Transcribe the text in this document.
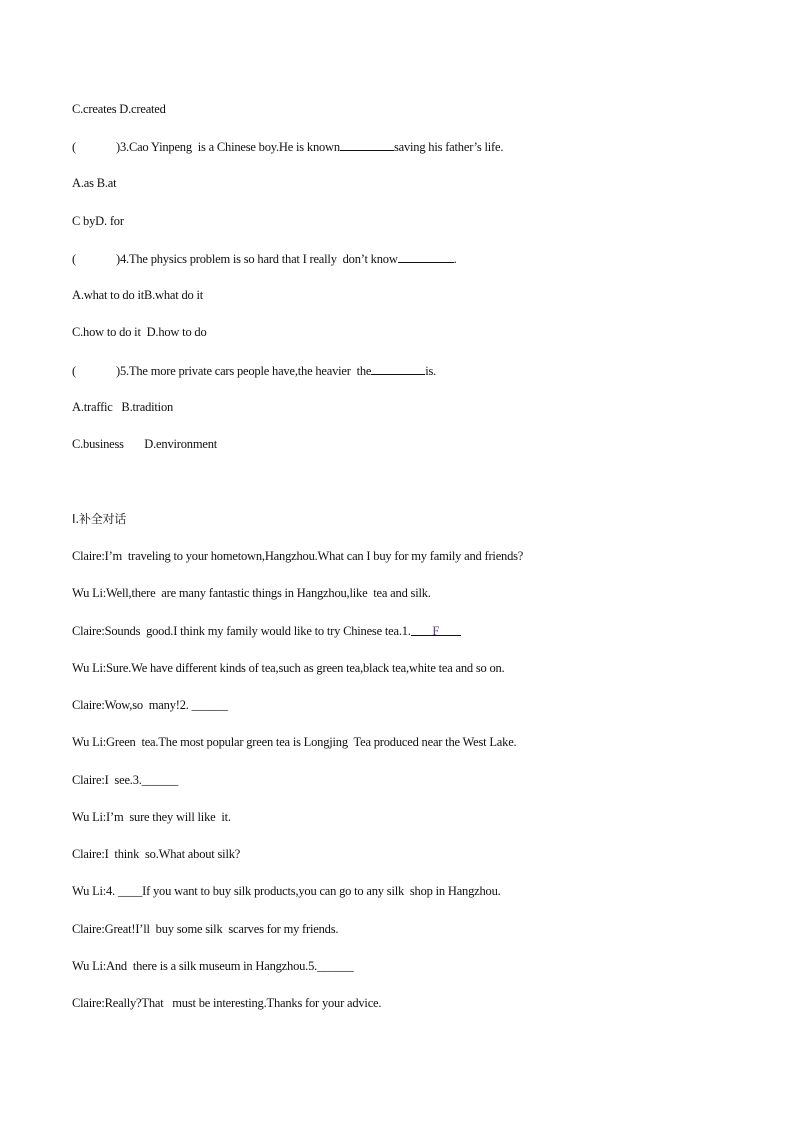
C.creates D.created
(	)3.Cao Yinpeng  is a Chinese boy.He is known	saving his father’s life.
A.as B.at
C byD. for
(	)4.The physics problem is so hard that I really  don’t know	.
A.what to do itB.what do it
C.how to do it  D.how to do
(	)5.The more private cars people have,the heavier  the	is.
A.traffic   B.tradition
C.business       D.environment
Ⅰ.补全对话
Claire:I’m  traveling to your hometown,Hangzhou.What can I buy for my family and friends?
Wu Li:Well,there  are many fantastic things in Hangzhou,like  tea and silk.
Claire:Sounds  good.I think my family would like to try Chinese tea.1. F
Wu Li:Sure.We have different kinds of tea,such as green tea,black tea,white tea and so on.
Claire:Wow,so  many!2. ______
Wu Li:Green  tea.The most popular green tea is Longjing  Tea produced near the West Lake.
Claire:I  see.3.______
Wu Li:I’m  sure they will like  it.
Claire:I  think  so.What about silk?
Wu Li:4. ____If you want to buy silk products,you can go to any silk  shop in Hangzhou.
Claire:Great!I’ll  buy some silk  scarves for my friends.
Wu Li:And  there is a silk museum in Hangzhou.5.______
Claire:Really?That   must be interesting.Thanks for your advice.
